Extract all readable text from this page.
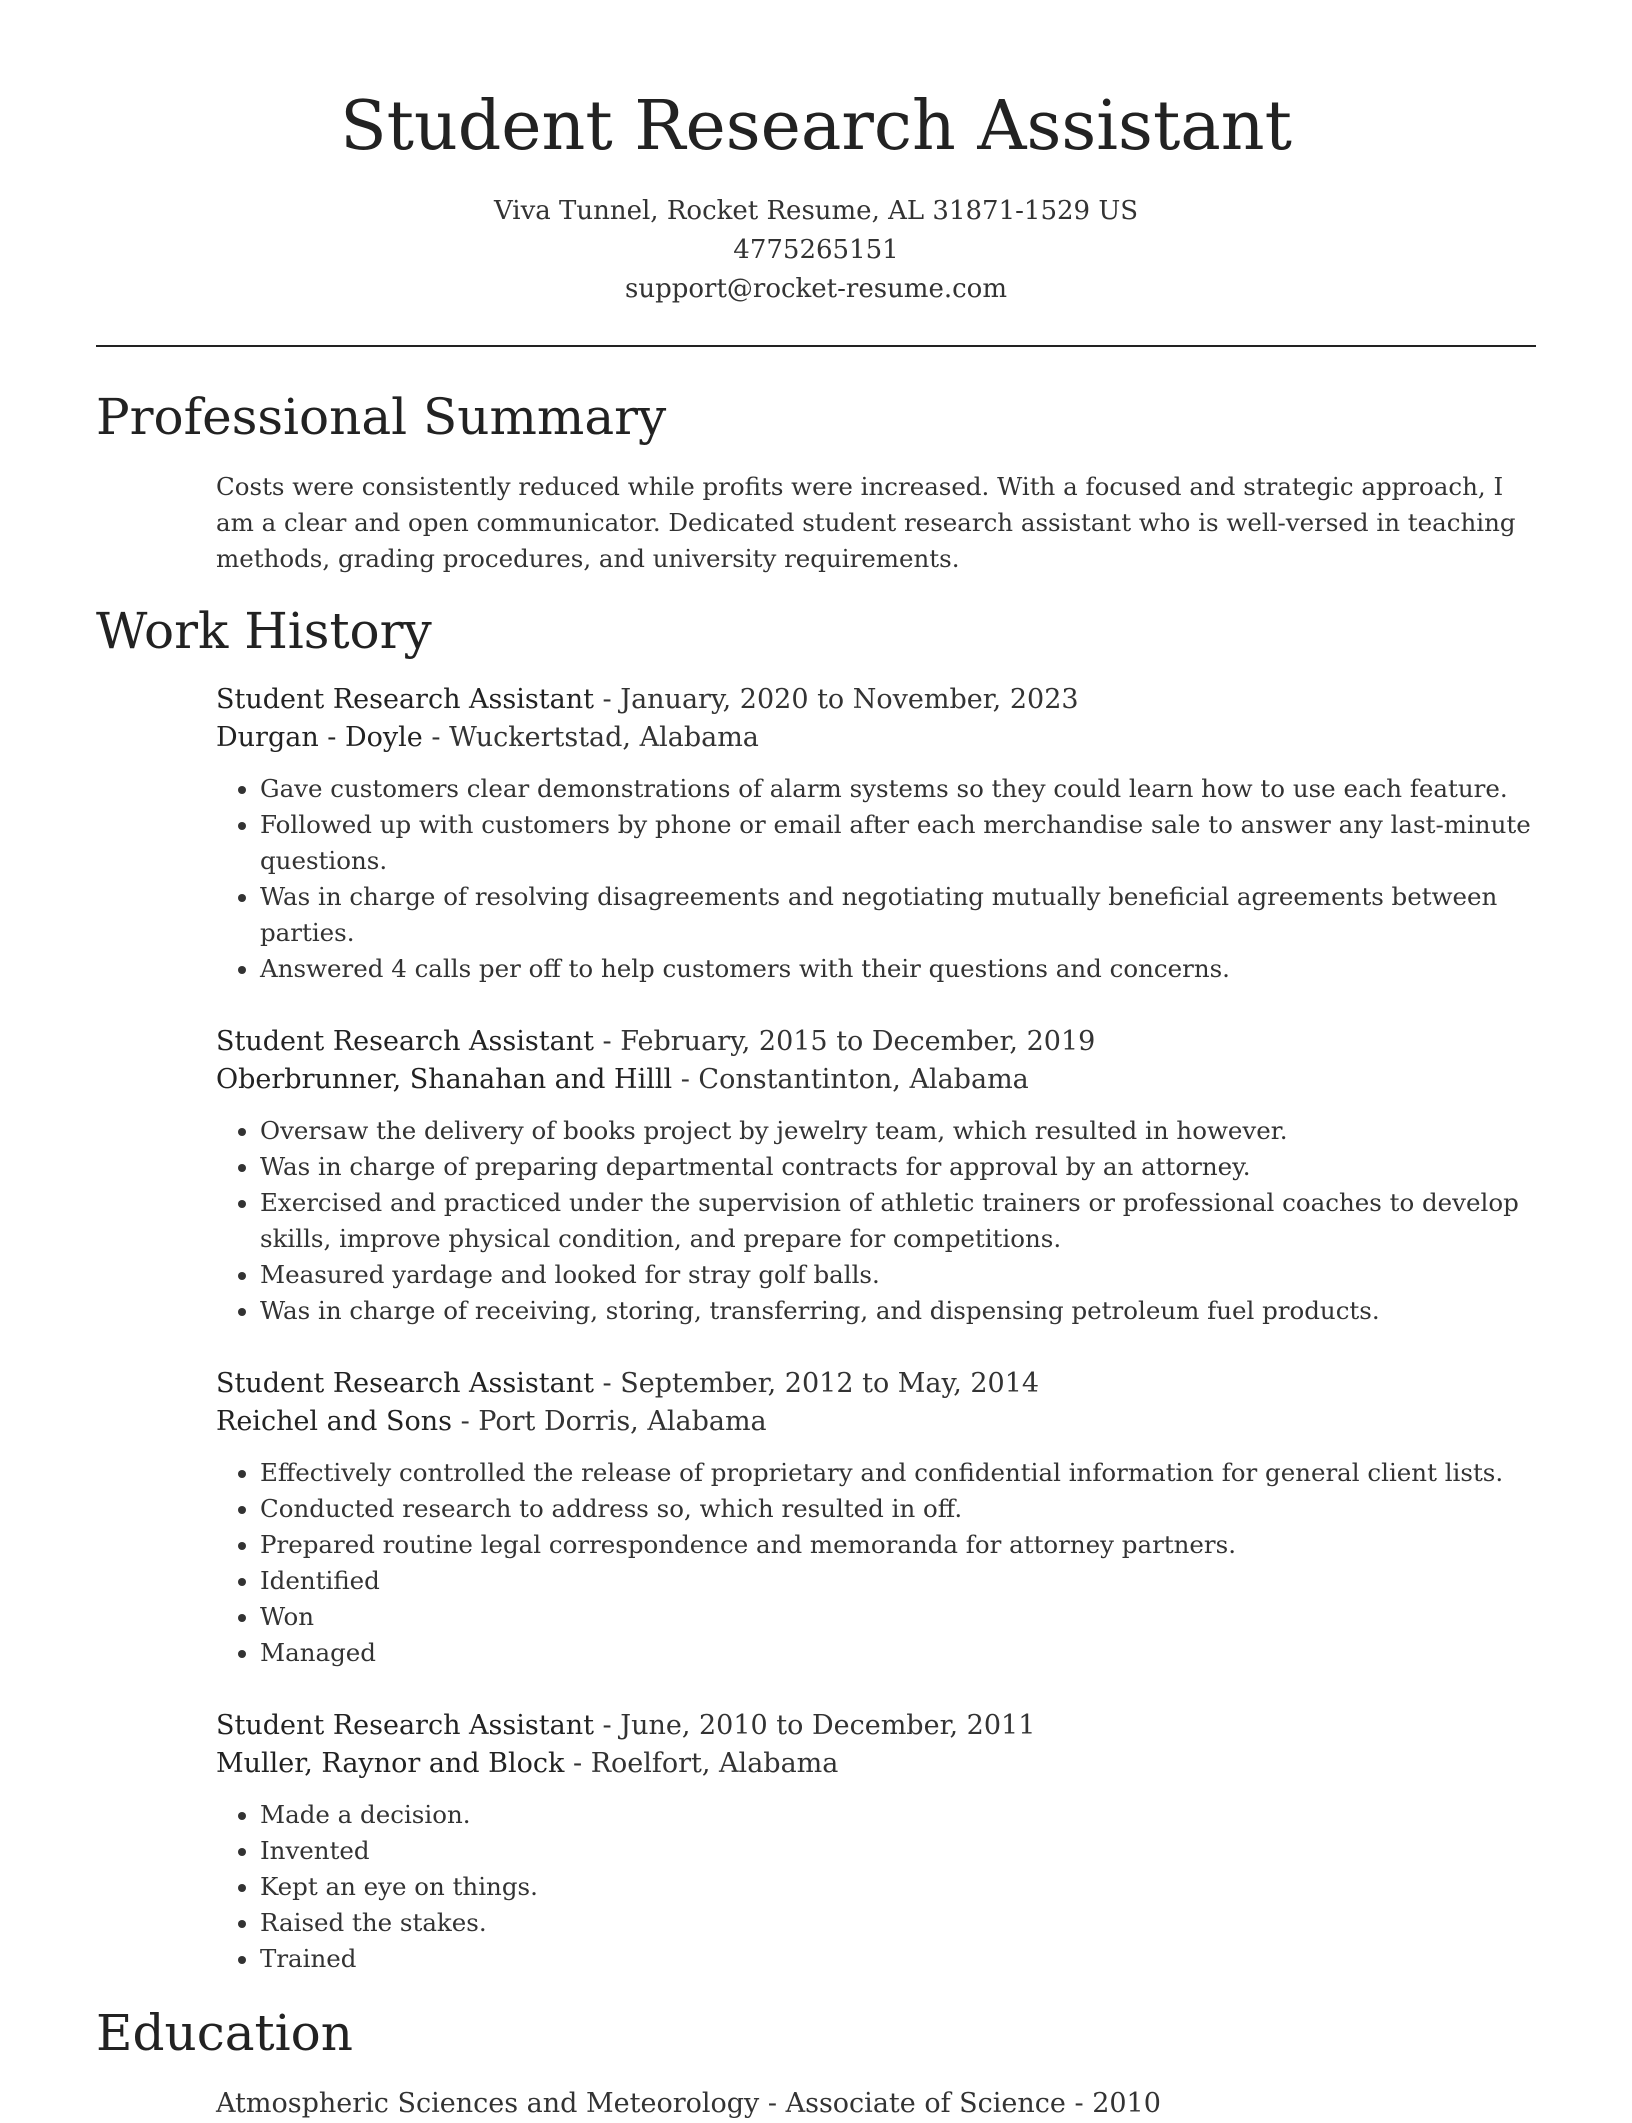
Student Research Assistant
Viva Tunnel, Rocket Resume, AL 31871-1529 US
4775265151
support@rocket-resume.com
Professional Summary

Costs were consistently reduced while profits were increased. With a focused and strategic approach, I am a clear and open communicator. Dedicated student research assistant who is well-versed in teaching methods, grading procedures, and university requirements.

Work History
Student Research Assistant - January, 2020 to November, 2023
Durgan - Doyle - Wuckertstad, Alabama
• Gave customers clear demonstrations of alarm systems so they could learn how to use each feature.
• Followed up with customers by phone or email after each merchandise sale to answer any last-minute questions.
• Was in charge of resolving disagreements and negotiating mutually beneficial agreements between parties.
• Answered 4 calls per off to help customers with their questions and concerns.
Student Research Assistant - February, 2015 to December, 2019
Oberbrunner, Shanahan and Hilll - Constantinton, Alabama
• Oversaw the delivery of books project by jewelry team, which resulted in however.
• Was in charge of preparing departmental contracts for approval by an attorney.
• Exercised and practiced under the supervision of athletic trainers or professional coaches to develop skills, improve physical condition, and prepare for competitions.
• Measured yardage and looked for stray golf balls.
• Was in charge of receiving, storing, transferring, and dispensing petroleum fuel products.
Student Research Assistant - September, 2012 to May, 2014
Reichel and Sons - Port Dorris, Alabama
• Effectively controlled the release of proprietary and confidential information for general client lists.
• Conducted research to address so, which resulted in off.
• Prepared routine legal correspondence and memoranda for attorney partners.
• Identified
• Won
• Managed
Student Research Assistant - June, 2010 to December, 2011
Muller, Raynor and Block - Roelfort, Alabama
• Made a decision.
• Invented
• Kept an eye on things.
• Raised the stakes.
• Trained
Education
Atmospheric Sciences and Meteorology - Associate of Science - 2010
